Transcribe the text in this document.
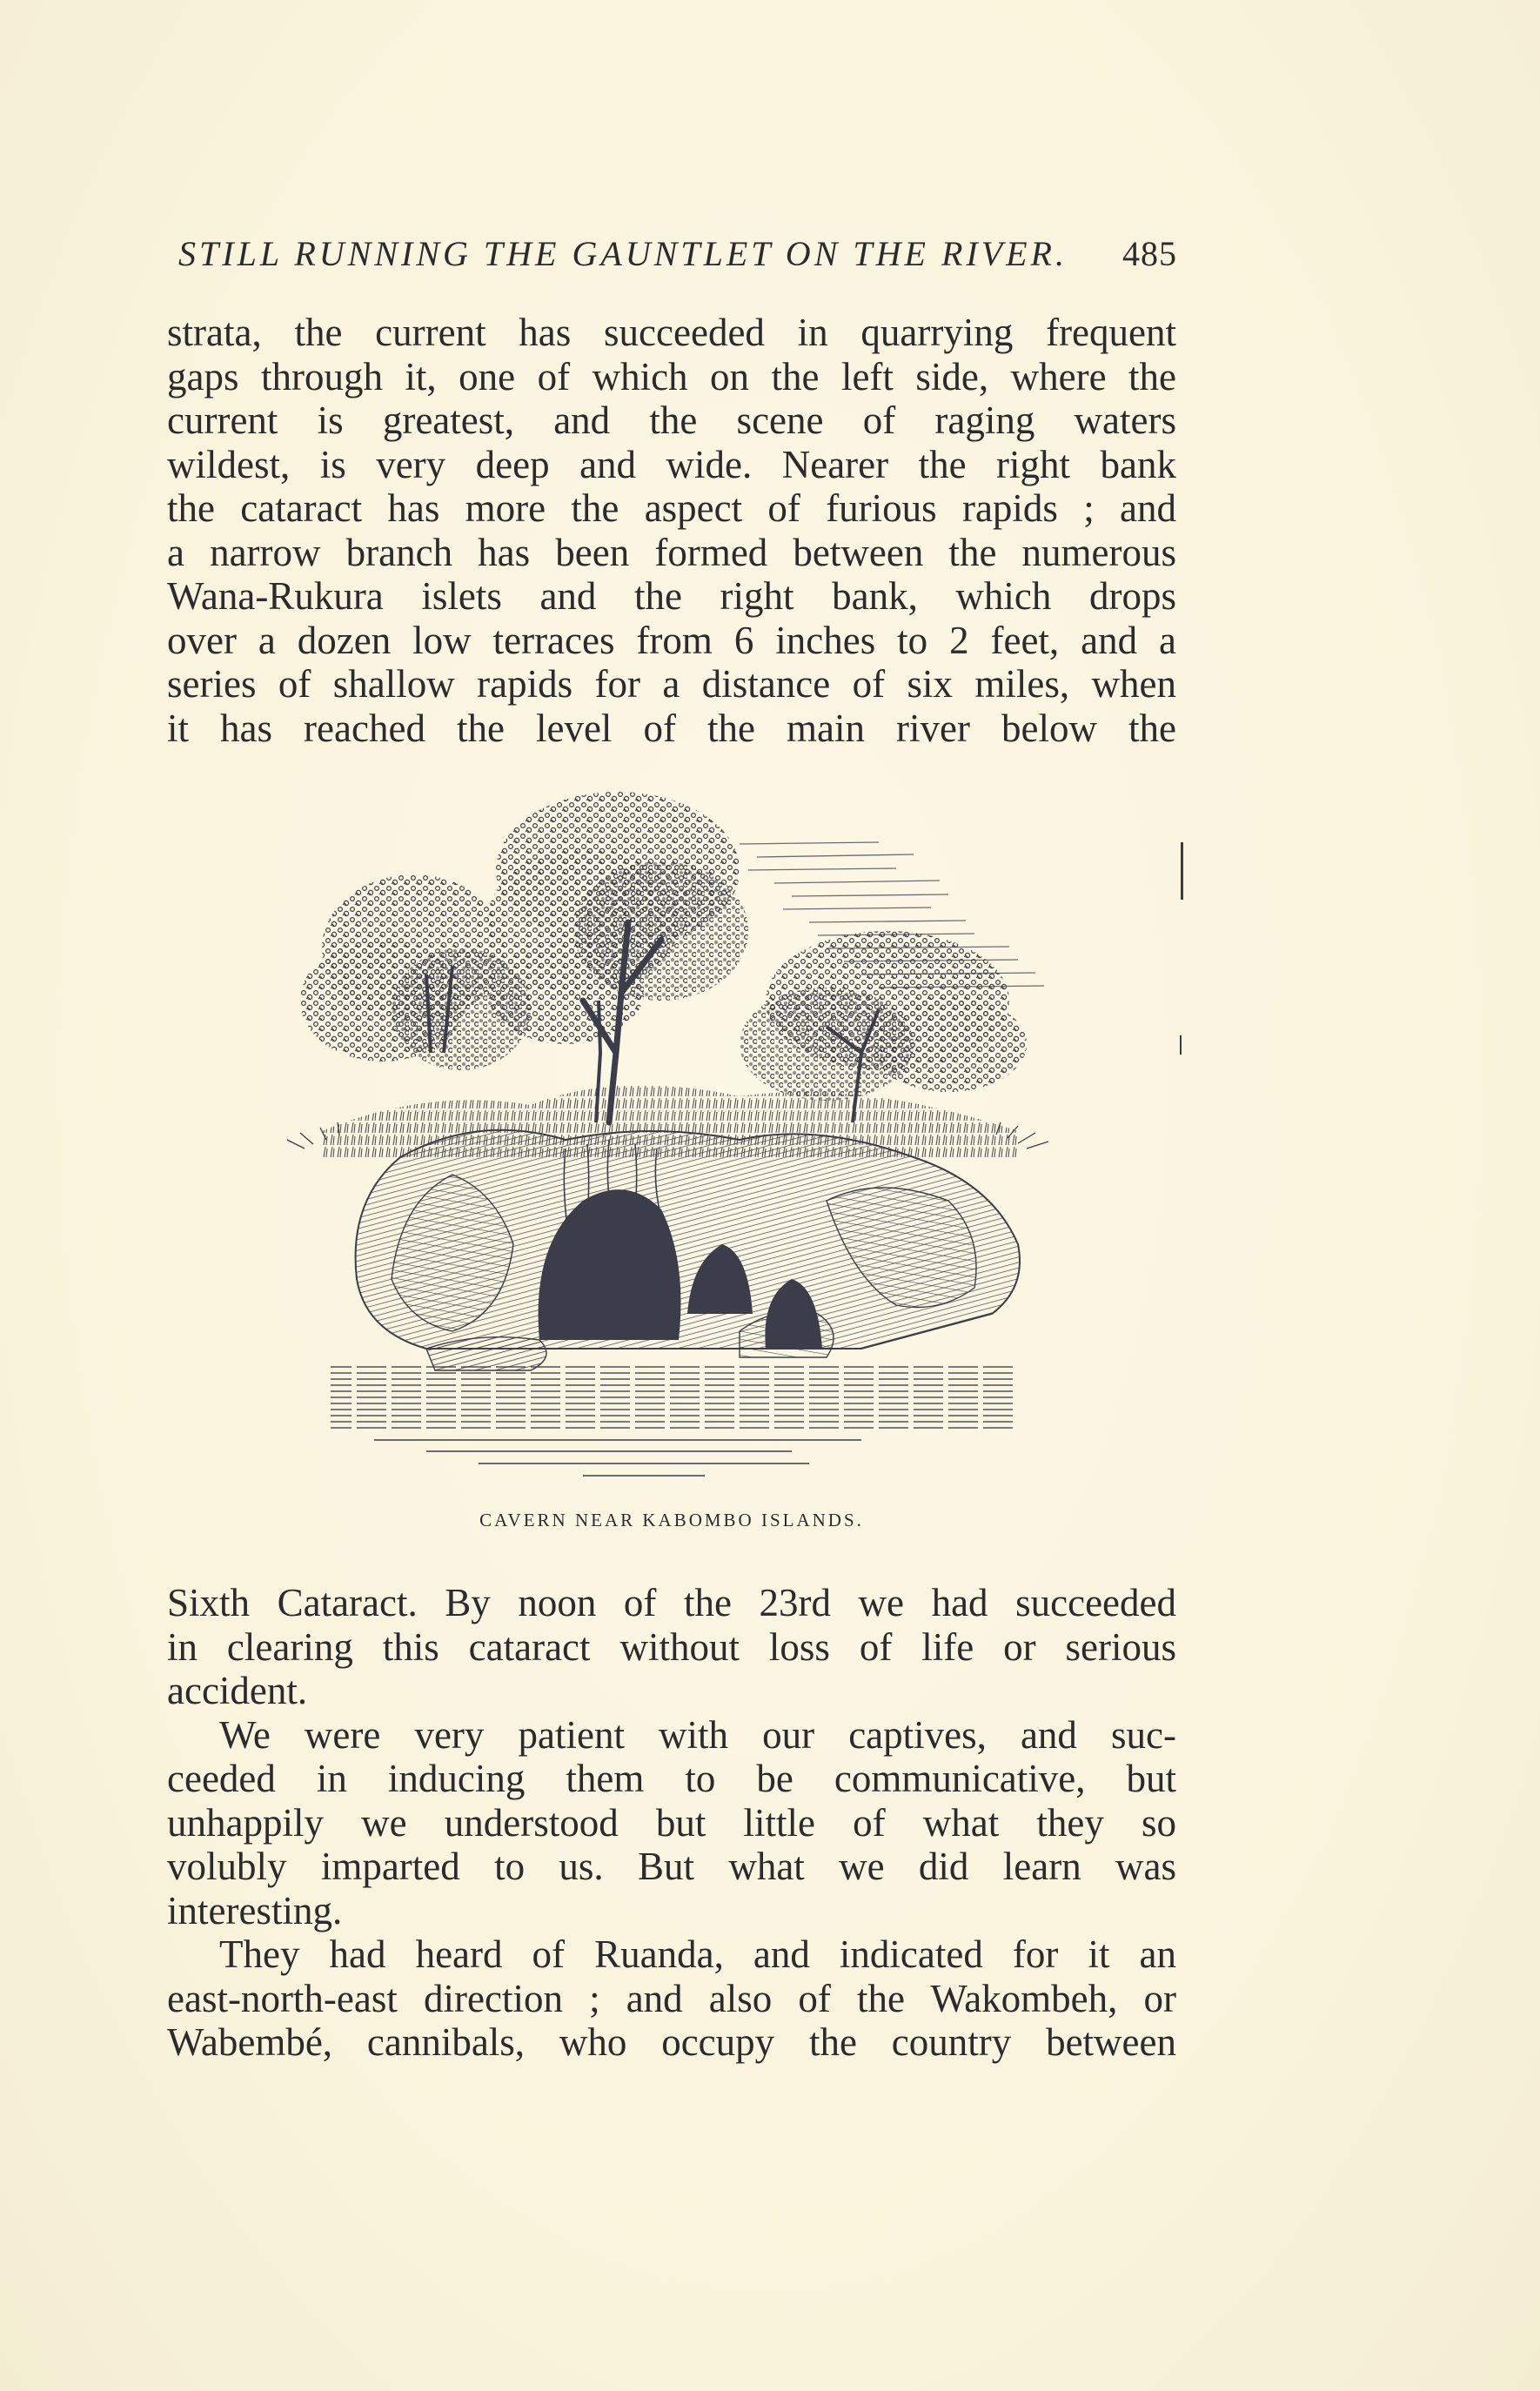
STILL RUNNING THE GAUNTLET ON THE RIVER. 485
strata, the current has succeeded in quarrying frequent
gaps through it, one of which on the left side, where the
current is greatest, and the scene of raging waters
wildest, is very deep and wide. Nearer the right bank
the cataract has more the aspect of furious rapids ; and
a narrow branch has been formed between the numerous
Wana-Rukura islets and the right bank, which drops
over a dozen low terraces from 6 inches to 2 feet, and a
series of shallow rapids for a distance of six miles, when
it has reached the level of the main river below the
CAVERN NEAR KABOMBO ISLANDS.
Sixth Cataract. By noon of the 23rd we had succeeded
in clearing this cataract without loss of life or serious
accident.
We were very patient with our captives, and suc-
ceeded in inducing them to be communicative, but
unhappily we understood but little of what they so
volubly imparted to us. But what we did learn was
interesting.
They had heard of Ruanda, and indicated for it an
east-north-east direction ; and also of the Wakombeh, or
Wabembé, cannibals, who occupy the country between
